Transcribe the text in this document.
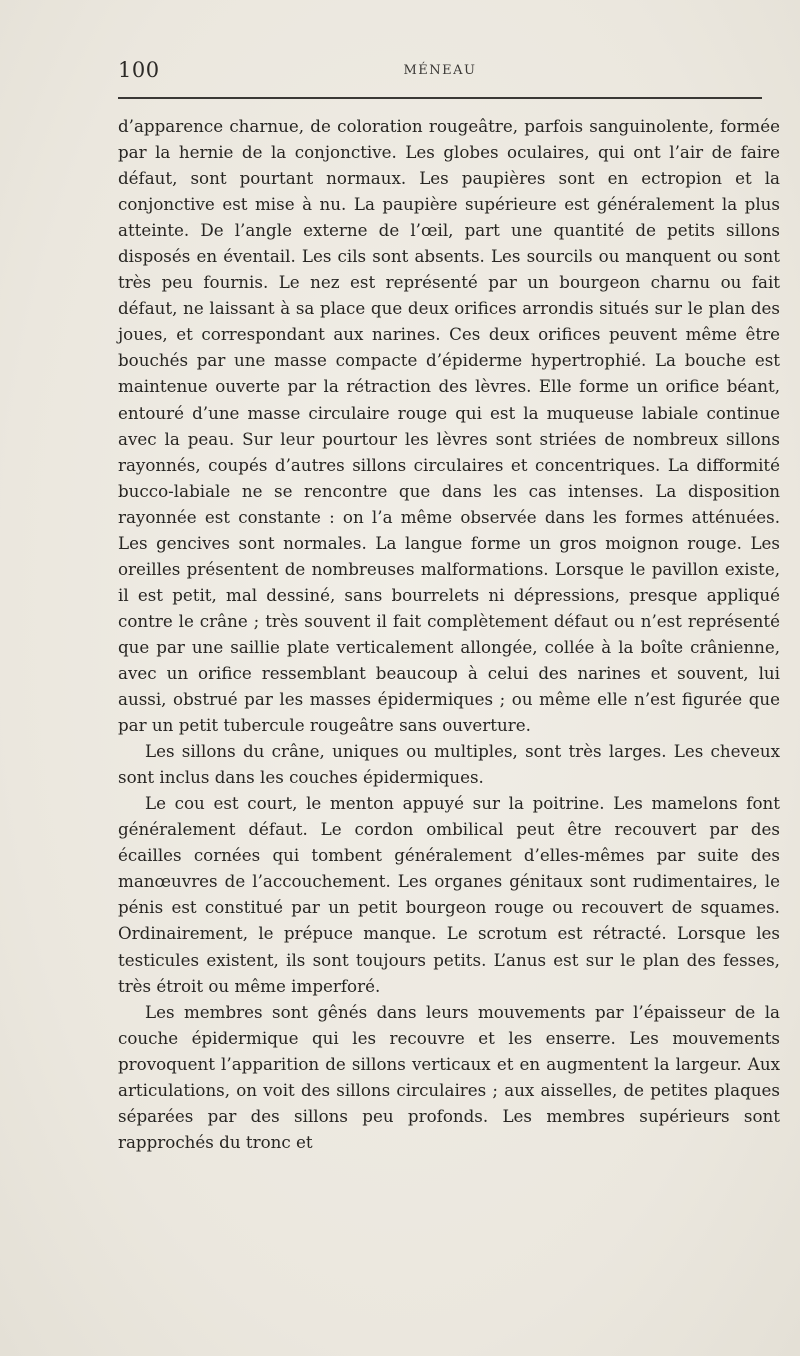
100	MÉNEAU

d’apparence charnue, de coloration rougeâtre, parfois sanguinolente, formée par la hernie de la conjonctive. Les globes oculaires, qui ont l’air de faire défaut, sont pourtant normaux. Les paupières sont en ectropion et la conjonctive est mise à nu. La paupière supérieure est généralement la plus atteinte. De l’angle externe de l’œil, part une quantité de petits sillons disposés en éventail. Les cils sont absents. Les sourcils ou manquent ou sont très peu fournis. Le nez est représenté par un bourgeon charnu ou fait défaut, ne laissant à sa place que deux orifices arrondis situés sur le plan des joues, et correspondant aux narines. Ces deux orifices peuvent même être bouchés par une masse compacte d’épiderme hypertrophié. La bouche est maintenue ouverte par la rétraction des lèvres. Elle forme un orifice béant, entouré d’une masse circulaire rouge qui est la muqueuse labiale continue avec la peau. Sur leur pourtour les lèvres sont striées de nombreux sillons rayonnés, coupés d’autres sillons circulaires et concentriques. La difformité bucco-labiale ne se rencontre que dans les cas intenses. La disposition rayonnée est constante : on l’a même observée dans les formes atténuées. Les gencives sont normales. La langue forme un gros moignon rouge. Les oreilles présentent de nombreuses malformations. Lorsque le pavillon existe, il est petit, mal dessiné, sans bourrelets ni dépressions, presque appliqué contre le crâne ; très souvent il fait complètement défaut ou n’est représenté que par une saillie plate verticalement allongée, collée à la boîte crânienne, avec un orifice ressemblant beaucoup à celui des narines et souvent, lui aussi, obstrué par les masses épidermiques ; ou même elle n’est figurée que par un petit tubercule rougeâtre sans ouverture.

Les sillons du crâne, uniques ou multiples, sont très larges. Les cheveux sont inclus dans les couches épidermiques.

Le cou est court, le menton appuyé sur la poitrine. Les mamelons font généralement défaut. Le cordon ombilical peut être recouvert par des écailles cornées qui tombent généralement d’elles-mêmes par suite des manœuvres de l’accouchement. Les organes génitaux sont rudimentaires, le pénis est constitué par un petit bourgeon rouge ou recouvert de squames. Ordinairement, le prépuce manque. Le scrotum est rétracté. Lorsque les testicules existent, ils sont toujours petits. L’anus est sur le plan des fesses, très étroit ou même imperforé.

Les membres sont gênés dans leurs mouvements par l’épaisseur de la couche épidermique qui les recouvre et les enserre. Les mouvements provoquent l’apparition de sillons verticaux et en augmentent la largeur. Aux articulations, on voit des sillons circulaires ; aux aisselles, de petites plaques séparées par des sillons peu profonds. Les membres supérieurs sont rapprochés du tronc et
